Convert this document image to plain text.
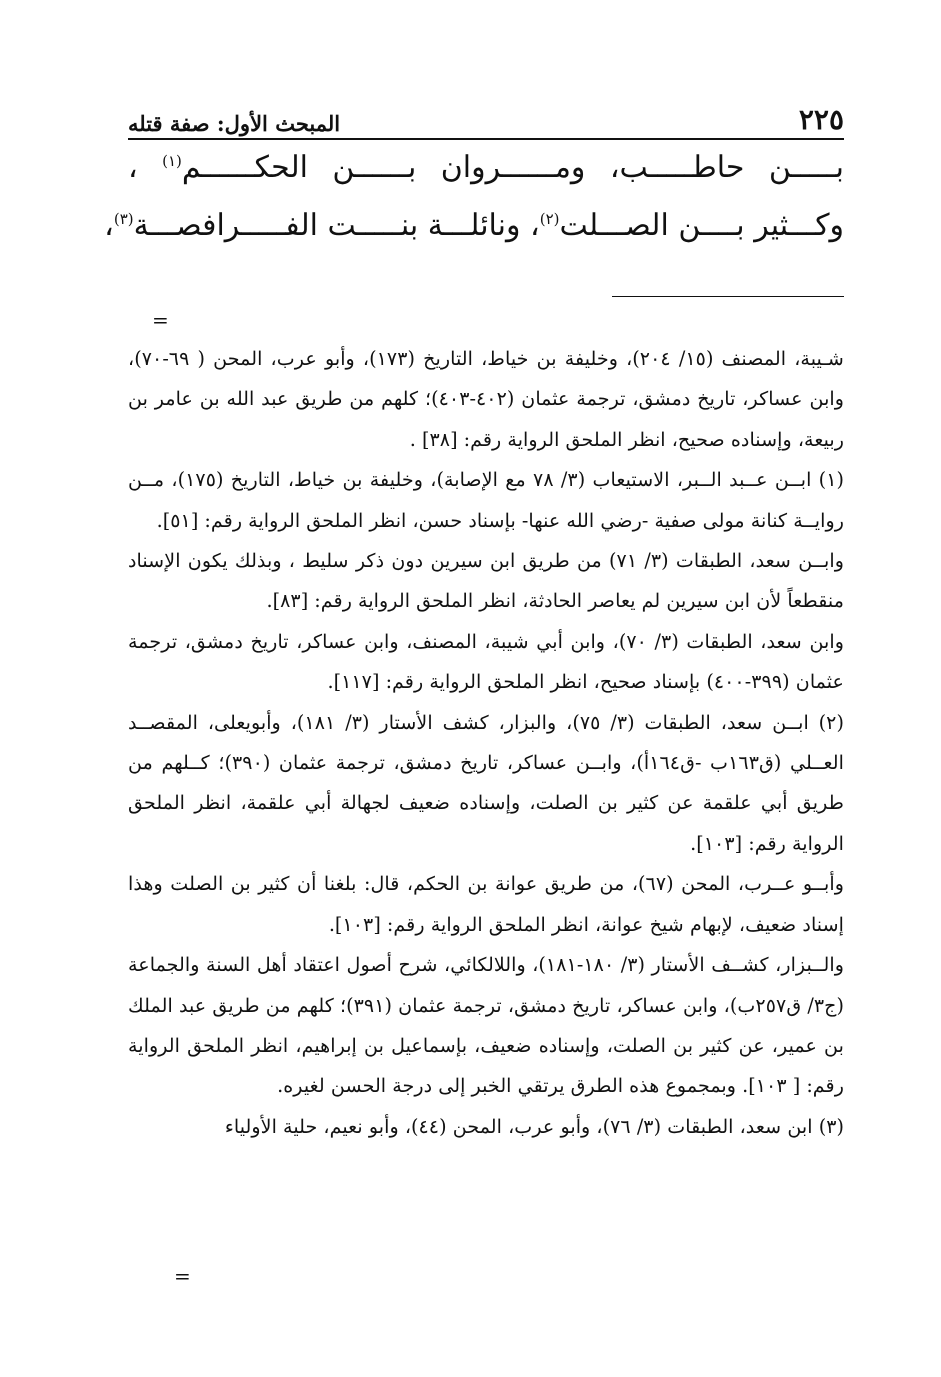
٢٢٥
المبحث الأول: صفة قتله
بـــــن حاطـــــب، ومــــــروان بــــــن الحكــــــم$^{(١)}$ ،
وكـــثير بــــن الصـــلت$^{(٢)}$، ونائلـــة بنـــــت الفـــــرافصـــة$^{(٣)}$،
=

شـيبة، المصنف (١٥/ ٢٠٤)، وخليفة بن خياط، التاريخ (١٧٣)، وأبو عرب، المحن ( ٦٩-٧٠)، وابن عساكر، تاريخ دمشق، ترجمة عثمان (٤٠٢-٤٠٣)؛ كلهم من طريق عبد الله بن عامر بن ربيعة، وإسناده صحيح، انظر الملحق الرواية رقم: [٣٨] .

(١) ابــن عــبد الــبر، الاستيعاب (٣/ ٧٨ مع الإصابة)، وخليفة بن خياط، التاريخ (١٧٥)، مــن روايــة كنانة مولى صفية -رضي الله عنها- بإسناد حسن، انظر الملحق الرواية رقم: [٥١].

وابــن سعد، الطبقات (٣/ ٧١) من طريق ابن سيرين دون ذكر سليط ، وبذلك يكون الإسناد منقطعاً لأن ابن سيرين لم يعاصر الحادثة، انظر الملحق الرواية رقم: [٨٣].

وابن سعد، الطبقات (٣/ ٧٠)، وابن أبي شيبة، المصنف، وابن عساكر، تاريخ دمشق، ترجمة عثمان (٣٩٩-٤٠٠) بإسناد صحيح، انظر الملحق الرواية رقم: [١١٧].

(٢) ابــن سعد، الطبقات (٣/ ٧٥)، والبزار، كشف الأستار (٣/ ١٨١)، وأبويعلى، المقصــد العــلي (ق١٦٣ب -ق١٦٤أ)، وابــن عساكر، تاريخ دمشق، ترجمة عثمان (٣٩٠)؛ كــلهم من طريق أبي علقمة عن كثير بن الصلت، وإسناده ضعيف لجهالة أبي علقمة، انظر الملحق الرواية رقم: [١٠٣].

وأبــو عــرب، المحن (٦٧)، من طريق عوانة بن الحكم، قال: بلغنا أن كثير بن الصلت وهذا إسناد ضعيف، لإبهام شيخ عوانة، انظر الملحق الرواية رقم: [١٠٣].

والــبزار، كشــف الأستار (٣/ ١٨٠-١٨١)، واللالكائي، شرح أصول اعتقاد أهل السنة والجماعة (ج٣/ ق٢٥٧ب)، وابن عساكر، تاريخ دمشق، ترجمة عثمان (٣٩١)؛ كلهم من طريق عبد الملك بن عمير، عن كثير بن الصلت، وإسناده ضعيف، بإسماعيل بن إبراهيم، انظر الملحق الرواية رقم: [ ١٠٣]. وبمجموع هذه الطرق يرتقي الخبر إلى درجة الحسن لغيره.

(٣) ابن سعد، الطبقات (٣/ ٧٦)، وأبو عرب، المحن (٤٤)، وأبو نعيم، حلية الأولياء

=
